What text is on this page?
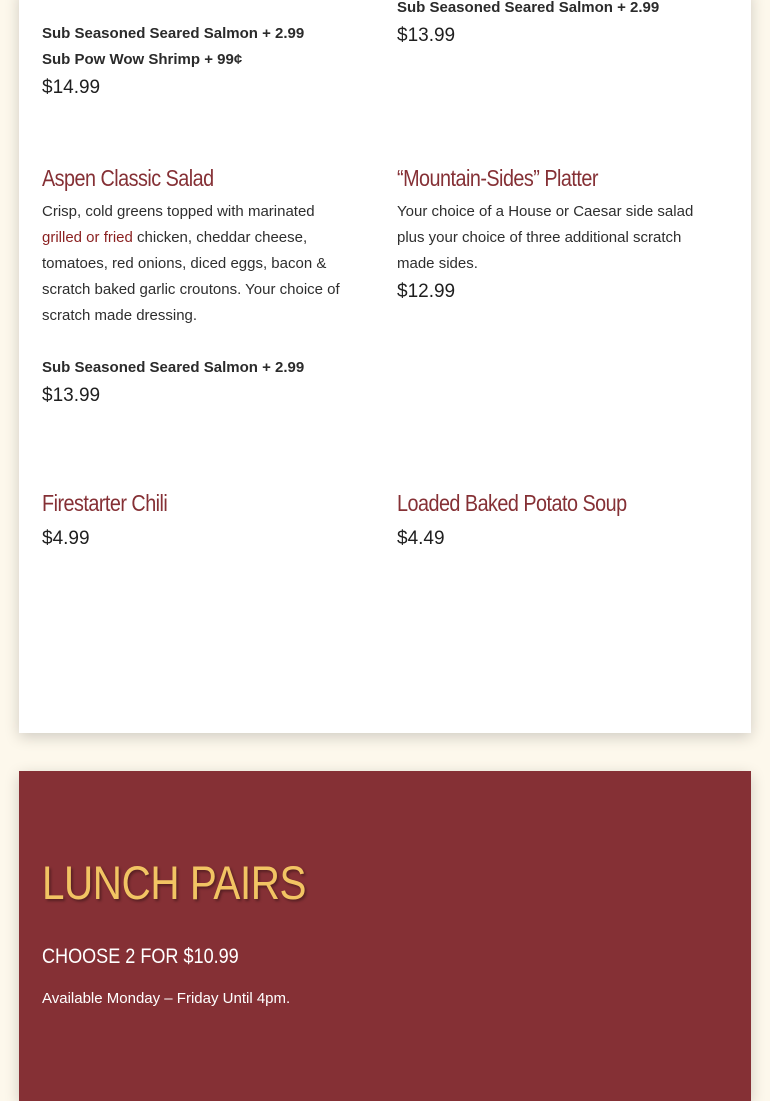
Sub Seasoned Seared Salmon + 2.99

Sub Pow Wow Shrimp + 99¢

$14.99

Sub Seasoned Seared Salmon + 2.99

$13.99

Aspen Classic Salad

Crisp, cold greens topped with marinated
grilled or fried chicken, cheddar cheese, tomatoes, red onions, diced eggs, bacon & scratch baked garlic croutons. Your choice of scratch made dressing.

Sub Seasoned Seared Salmon + 2.99

$13.99

“Mountain-Sides” Platter

Your choice of a House or Caesar side salad plus your choice of three additional scratch made sides.

$12.99

Firestarter Chili

$4.99

Loaded Baked Potato Soup

$4.49

LUNCH PAIRS
CHOOSE 2 FOR $10.99

Available Monday – Friday Until 4pm.
